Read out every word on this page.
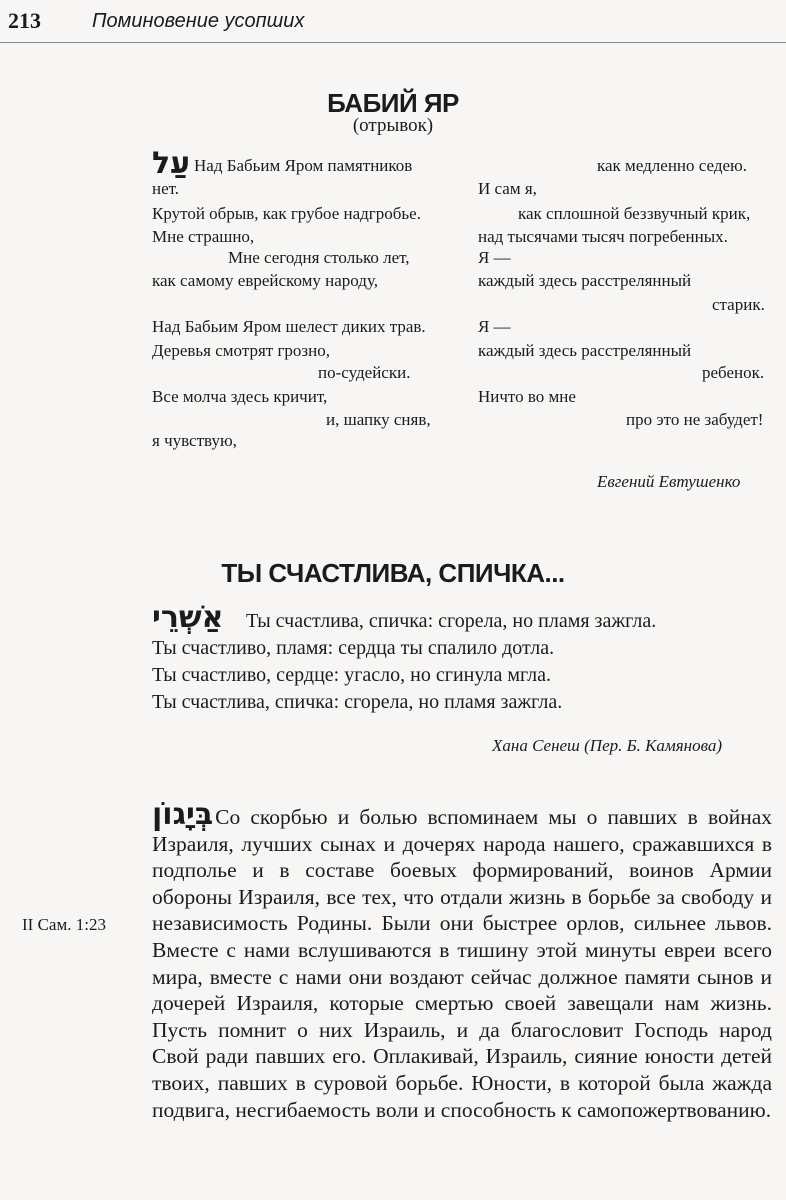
213	Поминовение усопших
БАБИЙ ЯР
(отрывок)
עַל Над Бабьим Яром памятников
нет.
Крутой обрыв, как грубое надгробье.
Мне страшно,
Мне сегодня столько лет,
как самому еврейскому народу,
Над Бабьим Яром шелест диких трав.
Деревья смотрят грозно,
по-судейски.
Все молча здесь кричит,
и, шапку сняв,
я чувствую,
как медленно седею.
И сам я,
как сплошной беззвучный крик,
над тысячами тысяч погребенных.
Я —
каждый здесь расстрелянный
старик.
Я —
каждый здесь расстрелянный
ребенок.
Ничто во мне
про это не забудет!
Евгений Евтушенко
ТЫ СЧАСТЛИВА, СПИЧКА...
אַשְׁרֵי Ты счастлива, спичка: сгорела, но пламя зажгла.
Ты счастливо, пламя: сердца ты спалило дотла.
Ты счастливо, сердце: угасло, но сгинула мгла.
Ты счастлива, спичка: сгорела, но пламя зажгла.
Хана Сенеш (Пер. Б. Камянова)
בְּיָגוֹןСо скорбью и болью вспоминаем мы о павших в войнах Израиля, лучших сынах и дочерях народа нашего, сражавшихся в подполье и в составе боевых формирований, воинов Армии обороны Израиля, все тех, что отдали жизнь в борьбе за свободу и независимость Родины. Были они быстрее орлов, сильнее львов. Вместе с нами вслушиваются в тишину этой минуты евреи всего мира, вместе с нами они воздают сейчас должное памяти сынов и дочерей Израиля, которые смертью своей завещали нам жизнь. Пусть помнит о них Израиль, и да благословит Господь народ Свой ради павших его. Оплакивай, Израиль, сияние юности детей твоих, павших в суровой борьбе. Юности, в которой была жажда подвига, несгибаемость воли и способность к самопожертвованию.
II Сам. 1:23
